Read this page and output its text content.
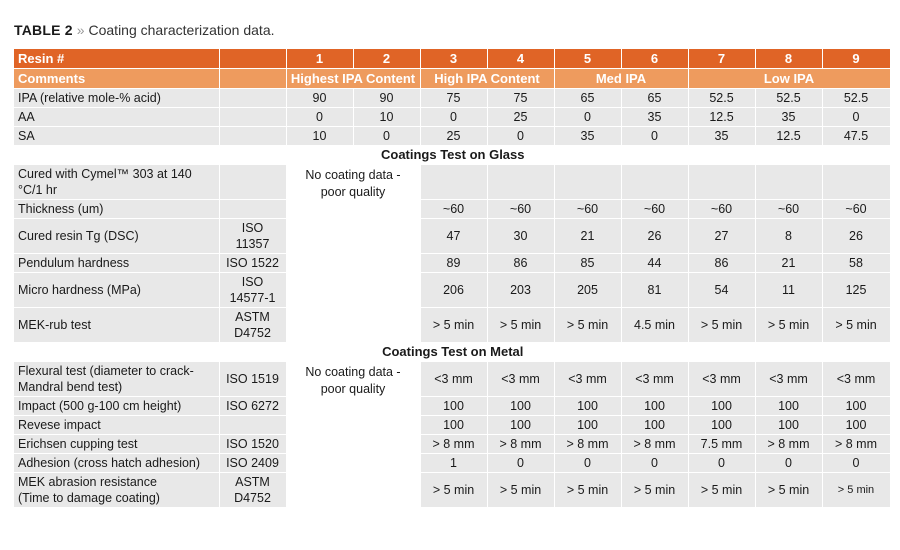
TABLE 2 » Coating characterization data.
Resin #		1	2	3	4	5	6	7	8	9
Comments		Highest IPA Content		High IPA Content		Med IPA		Low IPA		
IPA (relative mole-% acid)		90	90	75	75	65	65	52.5	52.5	52.5
AA		0	10	0	25	0	35	12.5	35	0
SA		10	0	25	0	35	0	35	12.5	47.5
Coatings Test on Glass										
Cured with Cymel™ 303 at 140 °C/1 hr		No coating data -
poor quality								
Thickness (um)				~60	~60	~60	~60	~60	~60	~60
Cured resin Tg (DSC)	ISO
11357			47	30	21	26	27	8	26
Pendulum hardness	ISO 1522			89	86	85	44	86	21	58
Micro hardness (MPa)	ISO
14577-1			206	203	205	81	54	11	125
MEK-rub test	ASTM
D4752			> 5 min	> 5 min	> 5 min	4.5 min	> 5 min	> 5 min	> 5 min
Coatings Test on Metal										
Flexural test (diameter to crack-
Mandral bend test)	ISO 1519	No coating data -
poor quality		<3 mm	<3 mm	<3 mm	<3 mm	<3 mm	<3 mm	<3 mm
Impact (500 g-100 cm height)	ISO 6272			100	100	100	100	100	100	100
Revese impact				100	100	100	100	100	100	100
Erichsen cupping test	ISO 1520			> 8 mm	> 8 mm	> 8 mm	> 8 mm	7.5 mm	> 8 mm	> 8 mm
Adhesion (cross hatch adhesion)	ISO 2409			1	0	0	0	0	0	0
MEK abrasion resistance
(Time to damage coating)	ASTM
D4752			> 5 min	> 5 min	> 5 min	> 5 min	> 5 min	> 5 min	> 5 min
